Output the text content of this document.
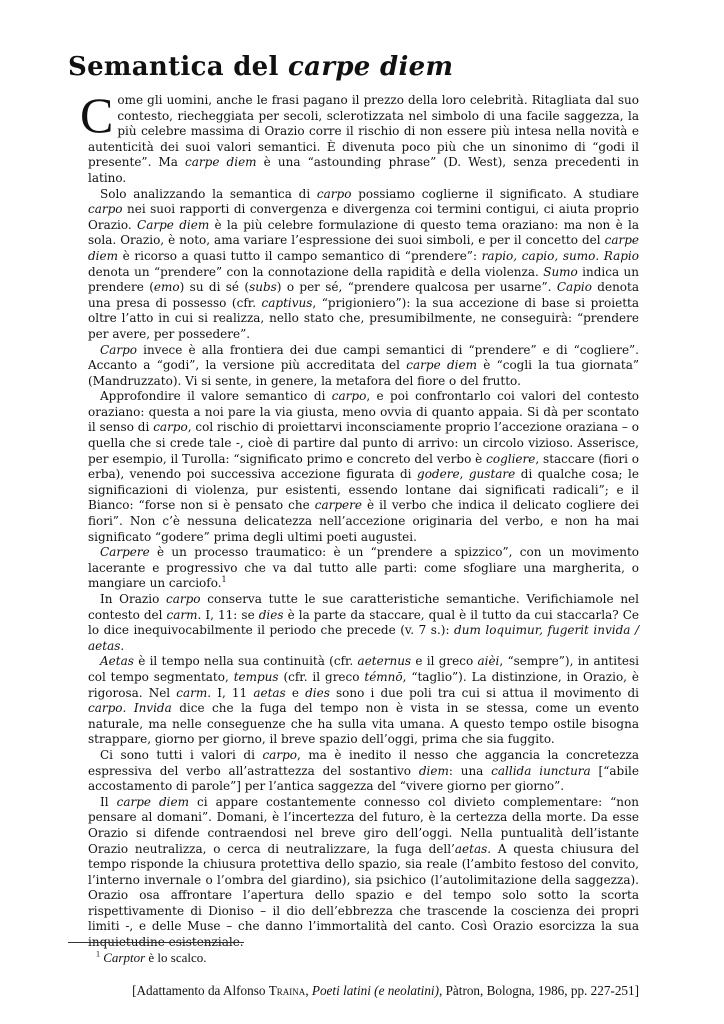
Semantica del carpe diem

Come gli uomini, anche le frasi pagano il prezzo della loro celebrità. Ritagliata dal suo contesto, riecheggiata per secoli, sclerotizzata nel simbolo di una facile saggezza, la più celebre massima di Orazio corre il rischio di non essere più intesa nella novità e autenticità dei suoi valori semantici. È divenuta poco più che un sinonimo di “godi il presente”. Ma carpe diem è una “astounding phrase” (D. West), senza precedenti in latino.

Solo analizzando la semantica di carpo possiamo coglierne il significato. A studiare carpo nei suoi rapporti di convergenza e divergenza coi termini contigui, ci aiuta proprio Orazio. Carpe diem è la più celebre formulazione di questo tema oraziano: ma non è la sola. Orazio, è noto, ama variare l’espressione dei suoi simboli, e per il concetto del carpe diem è ricorso a quasi tutto il campo semantico di “prendere”: rapio, capio, sumo. Rapio denota un “prendere” con la connotazione della rapidità e della violenza. Sumo indica un prendere (emo) su di sé (subs) o per sé, “prendere qualcosa per usarne”. Capio denota una presa di possesso (cfr. captivus, “prigioniero”): la sua accezione di base si proietta oltre l’atto in cui si realizza, nello stato che, presumibilmente, ne conseguirà: “prendere per avere, per possedere”.

Carpo invece è alla frontiera dei due campi semantici di “prendere” e di “cogliere”. Accanto a “godi”, la versione più accreditata del carpe diem è “cogli la tua giornata” (Mandruzzato). Vi si sente, in genere, la metafora del fiore o del frutto.

Approfondire il valore semantico di carpo, e poi confrontarlo coi valori del contesto oraziano: questa a noi pare la via giusta, meno ovvia di quanto appaia. Si dà per scontato il senso di carpo, col rischio di proiettarvi inconsciamente proprio l’accezione oraziana – o quella che si crede tale -, cioè di partire dal punto di arrivo: un circolo vizioso. Asserisce, per esempio, il Turolla: “significato primo e concreto del verbo è cogliere, staccare (fiori o erba), venendo poi successiva accezione figurata di godere, gustare di qualche cosa; le significazioni di violenza, pur esistenti, essendo lontane dai significati radicali”; e il Bianco: “forse non si è pensato che carpere è il verbo che indica il delicato cogliere dei fiori”. Non c’è nessuna delicatezza nell’accezione originaria del verbo, e non ha mai significato “godere” prima degli ultimi poeti augustei.

Carpere è un processo traumatico: è un “prendere a spizzico”, con un movimento lacerante e progressivo che va dal tutto alle parti: come sfogliare una margherita, o mangiare un carciofo.$^1$

In Orazio carpo conserva tutte le sue caratteristiche semantiche. Verifichiamole nel contesto del carm. I, 11: se dies è la parte da staccare, qual è il tutto da cui staccarla? Ce lo dice inequivocabilmente il periodo che precede (v. 7 s.): dum loquimur, fugerit invida / aetas.

Aetas è il tempo nella sua continuità (cfr. aeternus e il greco aièi, “sempre”), in antitesi col tempo segmentato, tempus (cfr. il greco témnō, “taglio”). La distinzione, in Orazio, è rigorosa. Nel carm. I, 11 aetas e dies sono i due poli tra cui si attua il movimento di carpo. Invida dice che la fuga del tempo non è vista in se stessa, come un evento naturale, ma nelle conseguenze che ha sulla vita umana. A questo tempo ostile bisogna strappare, giorno per giorno, il breve spazio dell’oggi, prima che sia fuggito.

Ci sono tutti i valori di carpo, ma è inedito il nesso che aggancia la concretezza espressiva del verbo all’astrattezza del sostantivo diem: una callida iunctura [“abile accostamento di parole”] per l’antica saggezza del “vivere giorno per giorno”.

Il carpe diem ci appare costantemente connesso col divieto complementare: “non pensare al domani”. Domani, è l’incertezza del futuro, è la certezza della morte. Da esse Orazio si difende contraendosi nel breve giro dell’oggi. Nella puntualità dell’istante Orazio neutralizza, o cerca di neutralizzare, la fuga dell’aetas. A questa chiusura del tempo risponde la chiusura protettiva dello spazio, sia reale (l’ambito festoso del convito, l’interno invernale o l’ombra del giardino), sia psichico (l’autolimitazione della saggezza). Orazio osa affrontare l’apertura dello spazio e del tempo solo sotto la scorta rispettivamente di Dioniso – il dio dell’ebbrezza che trascende la coscienza dei propri limiti -, e delle Muse – che danno l’immortalità del canto. Così Orazio esorcizza la sua inquietudine esistenziale.

[Adattamento da Alfonso Traina, Poeti latini (e neolatini), Pàtron, Bologna, 1986, pp. 227-251]
$^1$ Carptor è lo scalco.
